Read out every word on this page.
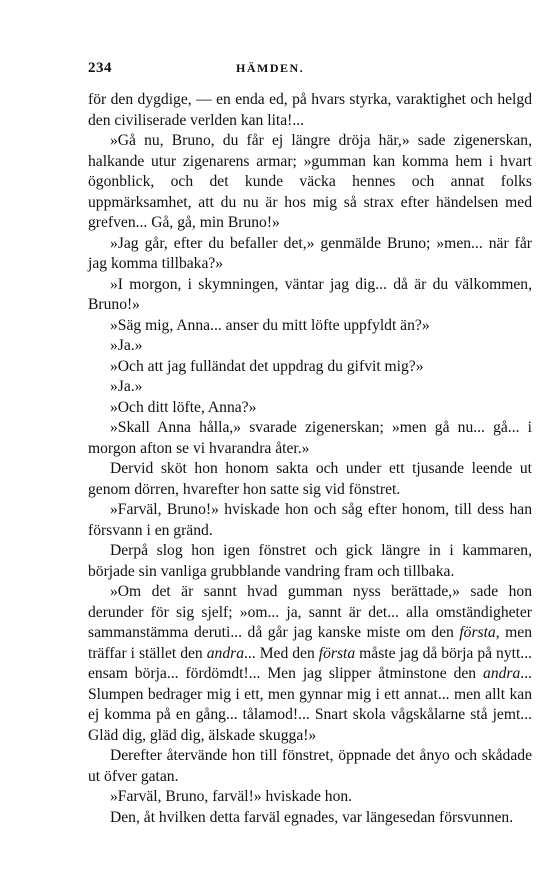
234	HÄMDEN.

för den dygdige, — en enda ed, på hvars styrka, varaktighet och helgd den civiliserade verlden kan lita!...

»Gå nu, Bruno, du får ej längre dröja här,» sade zigenerskan, halkande utur zigenarens armar; »gumman kan komma hem i hvart ögonblick, och det kunde väcka hennes och annat folks uppmärksamhet, att du nu är hos mig så strax efter händelsen med grefven... Gå, gå, min Bruno!»

»Jag går, efter du befaller det,» genmälde Bruno; »men... när får jag komma tillbaka?»

»I morgon, i skymningen, väntar jag dig... då är du välkommen, Bruno!»

»Säg mig, Anna... anser du mitt löfte uppfyldt än?»

»Ja.»

»Och att jag fulländat det uppdrag du gifvit mig?»

»Ja.»

»Och ditt löfte, Anna?»

»Skall Anna hålla,» svarade zigenerskan; »men gå nu... gå... i morgon afton se vi hvarandra åter.»

Dervid sköt hon honom sakta och under ett tjusande leende ut genom dörren, hvarefter hon satte sig vid fönstret.

»Farväl, Bruno!» hviskade hon och såg efter honom, till dess han försvann i en gränd.

Derpå slog hon igen fönstret och gick längre in i kammaren, började sin vanliga grubblande vandring fram och tillbaka.

»Om det är sannt hvad gumman nyss berättade,» sade hon derunder för sig sjelf; »om... ja, sannt är det... alla omständigheter sammanstämma deruti... då går jag kanske miste om den första, men träffar i stället den andra... Med den första måste jag då börja på nytt... ensam börja... fördömdt!... Men jag slipper åtminstone den andra... Slumpen bedrager mig i ett, men gynnar mig i ett annat... men allt kan ej komma på en gång... tålamod!... Snart skola vågskålarne stå jemt... Gläd dig, gläd dig, älskade skugga!»

Derefter återvände hon till fönstret, öppnade det ånyo och skådade ut öfver gatan.

»Farväl, Bruno, farväl!» hviskade hon.

Den, åt hvilken detta farväl egnades, var längesedan försvunnen.
